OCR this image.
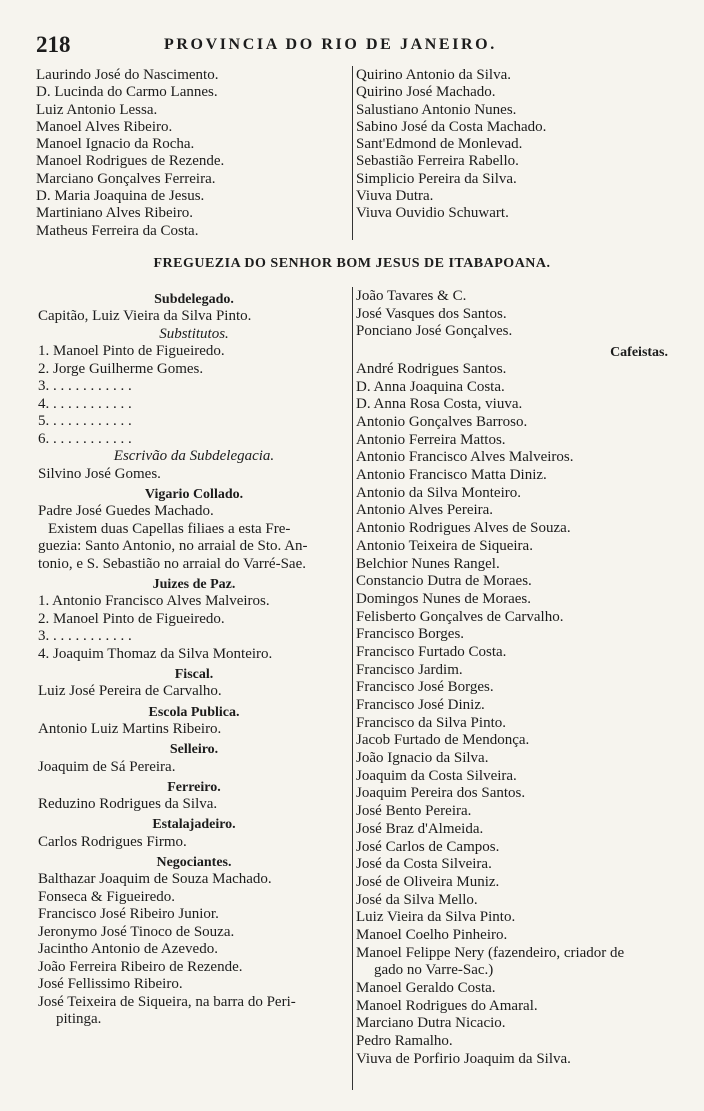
218	PROVINCIA DO RIO DE JANEIRO.
Laurindo José do Nascimento.
D. Lucinda do Carmo Lannes.
Luiz Antonio Lessa.
Manoel Alves Ribeiro.
Manoel Ignacio da Rocha.
Manoel Rodrigues de Rezende.
Marciano Gonçalves Ferreira.
D. Maria Joaquina de Jesus.
Martiniano Alves Ribeiro.
Matheus Ferreira da Costa.
Quirino Antonio da Silva.
Quirino José Machado.
Salustiano Antonio Nunes.
Sabino José da Costa Machado.
Sant'Edmond de Monlevad.
Sebastião Ferreira Rabello.
Simplicio Pereira da Silva.
Viuva Dutra.
Viuva Ouvidio Schuwart.
FREGUEZIA DO SENHOR BOM JESUS DE ITABAPOANA.
Subdelegado.
Capitão, Luiz Vieira da Silva Pinto.
Substitutos.
1. Manoel Pinto de Figueiredo.
2. Jorge Guilherme Gomes.
3. . . . . . . . . . . .
4. . . . . . . . . . . .
5. . . . . . . . . . . .
6. . . . . . . . . . . .
Escrivão da Subdelegacia.
Silvino José Gomes.
Vigario Collado.
Padre José Guedes Machado.
Existem duas Capellas filiaes a esta Fre-
guezia: Santo Antonio, no arraial de Sto. An-
tonio, e S. Sebastião no arraial do Varré-Sae.
Juizes de Paz.
1. Antonio Francisco Alves Malveiros.
2. Manoel Pinto de Figueiredo.
3. . . . . . . . . . . .
4. Joaquim Thomaz da Silva Monteiro.
Fiscal.
Luiz José Pereira de Carvalho.
Escola Publica.
Antonio Luiz Martins Ribeiro.
Selleiro.
Joaquim de Sá Pereira.
Ferreiro.
Reduzino Rodrigues da Silva.
Estalajadeiro.
Carlos Rodrigues Firmo.
Negociantes.
Balthazar Joaquim de Souza Machado.
Fonseca & Figueiredo.
Francisco José Ribeiro Junior.
Jeronymo José Tinoco de Souza.
Jacintho Antonio de Azevedo.
João Ferreira Ribeiro de Rezende.
José Fellissimo Ribeiro.
José Teixeira de Siqueira, na barra do Peri-
pitinga.
João Tavares & C.
José Vasques dos Santos.
Ponciano José Gonçalves.
Cafeistas.
André Rodrigues Santos.
D. Anna Joaquina Costa.
D. Anna Rosa Costa, viuva.
Antonio Gonçalves Barroso.
Antonio Ferreira Mattos.
Antonio Francisco Alves Malveiros.
Antonio Francisco Matta Diniz.
Antonio da Silva Monteiro.
Antonio Alves Pereira.
Antonio Rodrigues Alves de Souza.
Antonio Teixeira de Siqueira.
Belchior Nunes Rangel.
Constancio Dutra de Moraes.
Domingos Nunes de Moraes.
Felisberto Gonçalves de Carvalho.
Francisco Borges.
Francisco Furtado Costa.
Francisco Jardim.
Francisco José Borges.
Francisco José Diniz.
Francisco da Silva Pinto.
Jacob Furtado de Mendonça.
João Ignacio da Silva.
Joaquim da Costa Silveira.
Joaquim Pereira dos Santos.
José Bento Pereira.
José Braz d'Almeida.
José Carlos de Campos.
José da Costa Silveira.
José de Oliveira Muniz.
José da Silva Mello.
Luiz Vieira da Silva Pinto.
Manoel Coelho Pinheiro.
Manoel Felippe Nery (fazendeiro, criador de
gado no Varre-Sac.)
Manoel Geraldo Costa.
Manoel Rodrigues do Amaral.
Marciano Dutra Nicacio.
Pedro Ramalho.
Viuva de Porfirio Joaquim da Silva.
